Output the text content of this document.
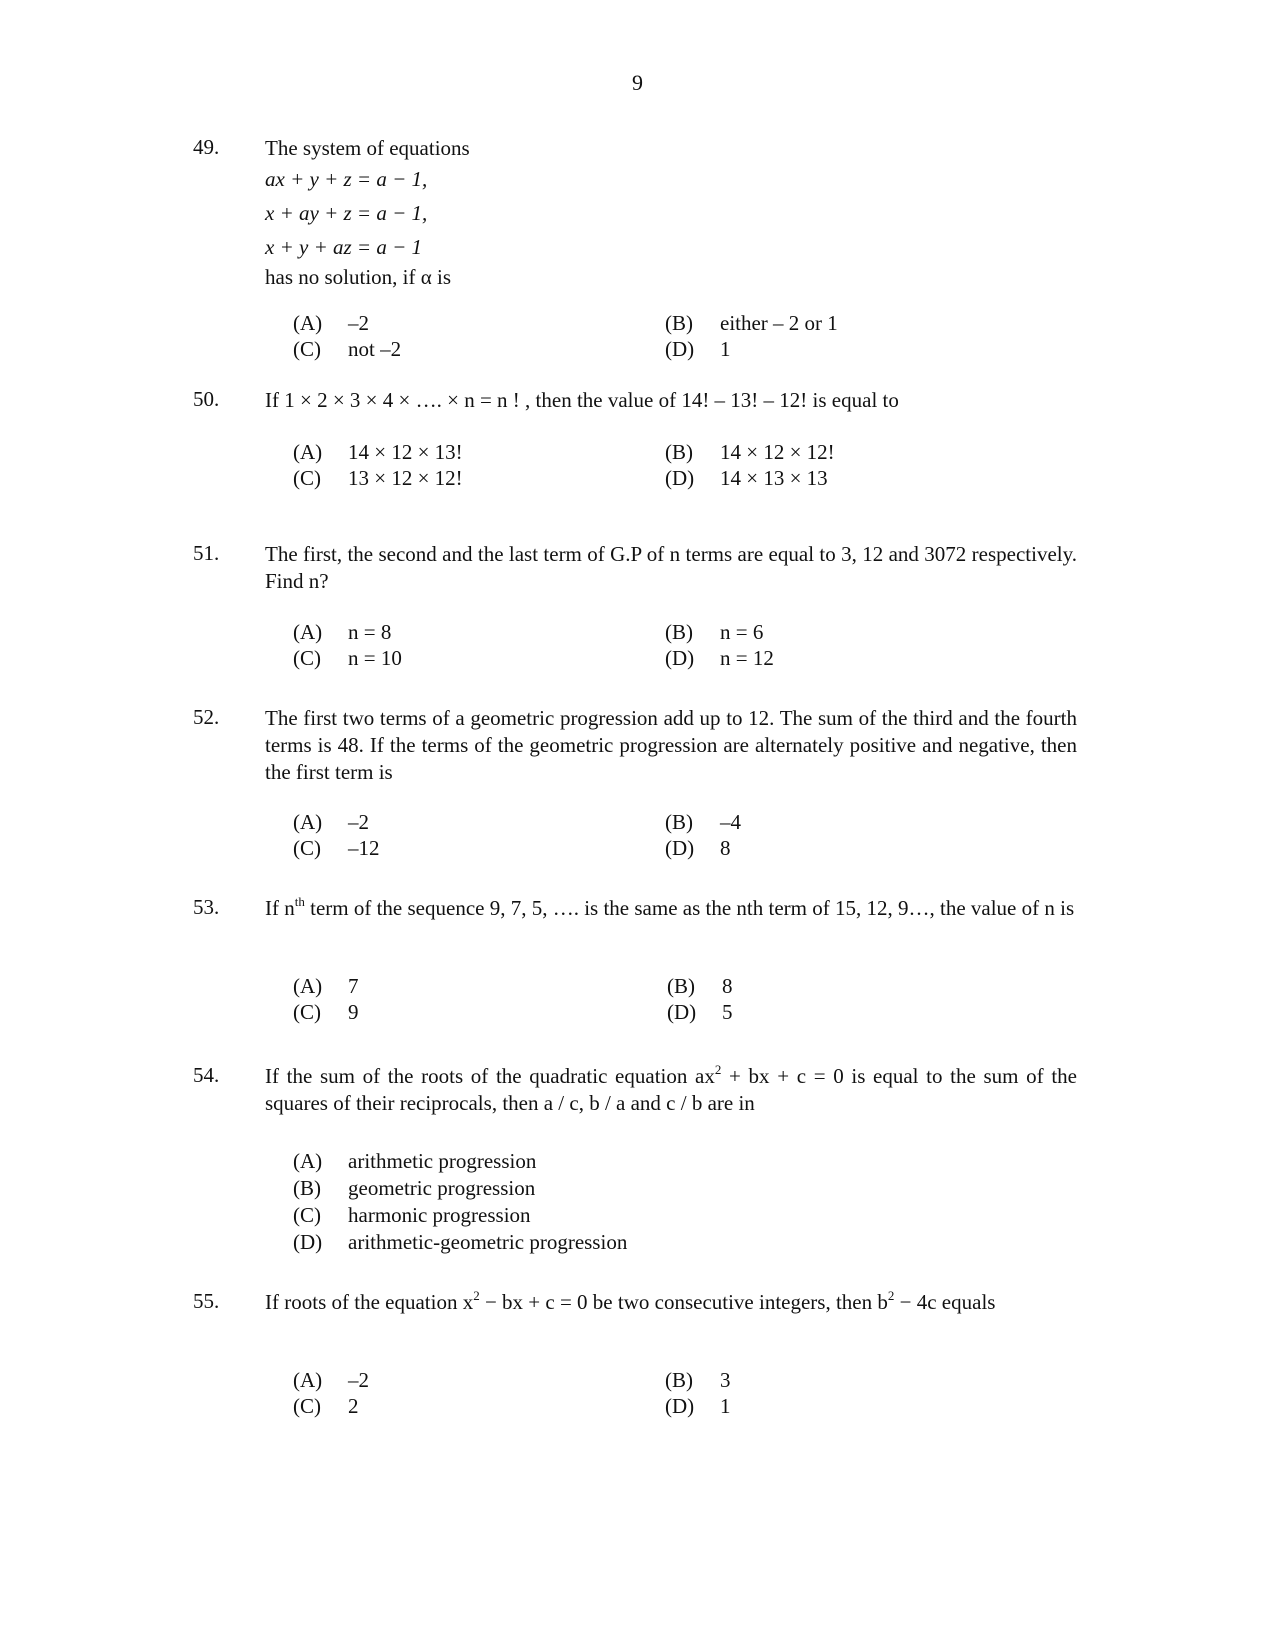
9
49. The system of equations
ax + y + z = a − 1,
x + ay + z = a − 1,
x + y + az = a − 1
has no solution, if α is
(A) –2	(B) either – 2 or 1
(C) not –2	(D) 1
50. If 1 × 2 × 3 × 4 × …. × n = n ! , then the value of 14! – 13! – 12! is equal to
(A) 14 × 12 × 13!	(B) 14 × 12 × 12!
(C) 13 × 12 × 12!	(D) 14 × 13 × 13
51. The first, the second and the last term of G.P of n terms are equal to 3, 12 and 3072 respectively. Find n?
(A) n = 8	(B) n = 6
(C) n = 10	(D) n = 12
52. The first two terms of a geometric progression add up to 12. The sum of the third and the fourth terms is 48. If the terms of the geometric progression are alternately positive and negative, then the first term is
(A) –2	(B) –4
(C) –12	(D) 8
53. If $n^{th}$ term of the sequence 9, 7, 5, …. is the same as the nth term of 15, 12, 9…, the value of n is
(A) 7	(B) 8
(C) 9	(D) 5
54. If the sum of the roots of the quadratic equation $ax^2$ + bx + c = 0 is equal to the sum of the squares of their reciprocals, then a / c, b / a and c / b are in
(A) arithmetic progression
(B) geometric progression
(C) harmonic progression
(D) arithmetic-geometric progression
55. If roots of the equation $x^2$ − bx + c = 0 be two consecutive integers, then $b^2 - 4c$ equals
(A) –2	(B) 3
(C) 2	(D) 1
